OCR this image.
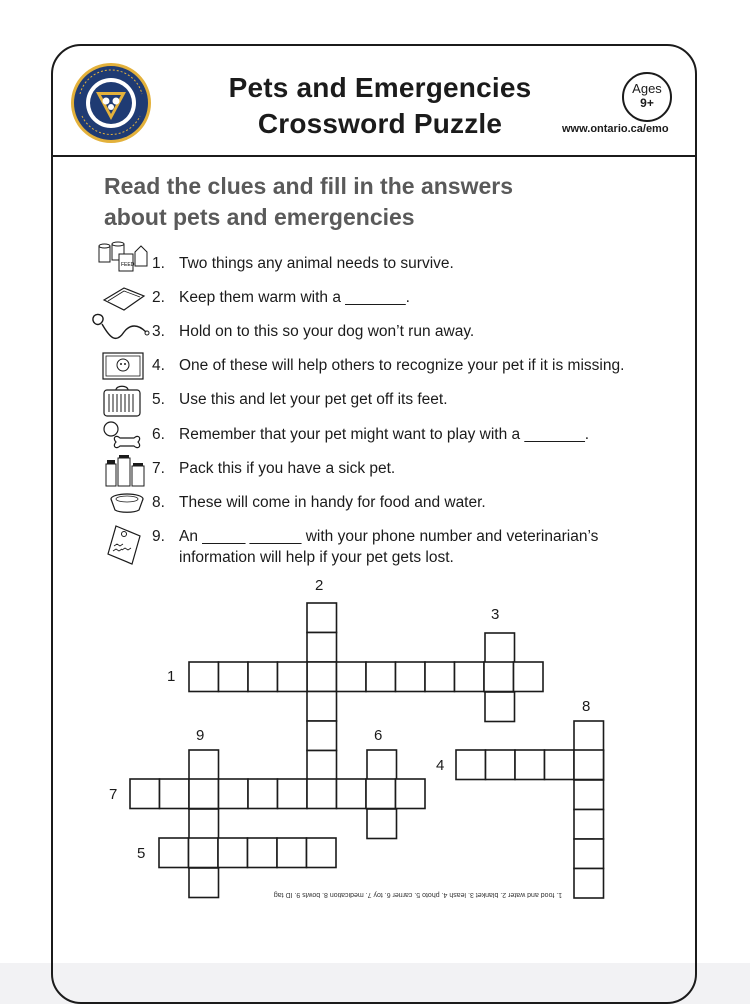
Pets and Emergencies
Crossword Puzzle
Ages
9+
www.ontario.ca/emo
Read the clues and fill in the answers
about pets and emergencies
FEED 1. Two things any animal needs to survive.
2. Keep them warm with a _______.
3. Hold on to this so your dog won’t run away.
4. One of these will help others to recognize your pet if it is missing.
5. Use this and let your pet get off its feet.
6. Remember that your pet might want to play with a _______.
7. Pack this if you have a sick pet.
8. These will come in handy for food and water.
9. An _____ ______ with your phone number and veterinarian’s
information will help if your pet gets lost.
2
3
1
8
9	6
4
7
5
1. food and water 2. blanket 3. leash 4. photo 5. carrier 6. toy 7. medication 8. bowls 9. ID tag
